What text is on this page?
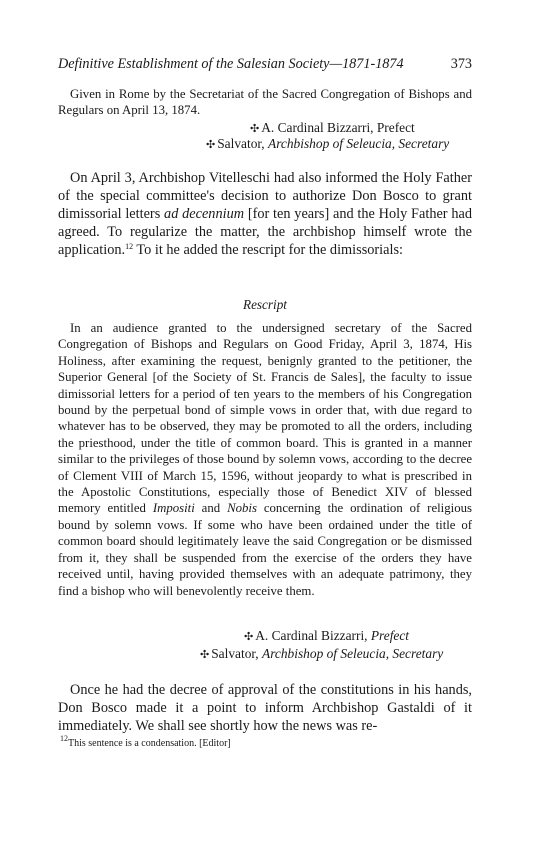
Definitive Establishment of the Salesian Society—1871-1874	373

Given in Rome by the Secretariat of the Sacred Congregation of Bishops and Regulars on April 13, 1874.

✣A. Cardinal Bizzarri, Prefect
✣Salvator, Archbishop of Seleucia, Secretary

On April 3, Archbishop Vitelleschi had also informed the Holy Father of the special committee's decision to authorize Don Bosco to grant dimissorial letters ad decennium [for ten years] and the Holy Father had agreed. To regularize the matter, the archbishop himself wrote the application.$^{12}$ To it he added the rescript for the dimissorials:

Rescript

In an audience granted to the undersigned secretary of the Sacred Congregation of Bishops and Regulars on Good Friday, April 3, 1874, His Holiness, after examining the request, benignly granted to the petitioner, the Superior General [of the Society of St. Francis de Sales], the faculty to issue dimissorial letters for a period of ten years to the members of his Congregation bound by the perpetual bond of simple vows in order that, with due regard to whatever has to be observed, they may be promoted to all the orders, including the priesthood, under the title of common board. This is granted in a manner similar to the privileges of those bound by solemn vows, according to the decree of Clement VIII of March 15, 1596, without jeopardy to what is prescribed in the Apostolic Constitutions, especially those of Benedict XIV of blessed memory entitled Impositi and Nobis concerning the ordination of religious bound by solemn vows. If some who have been ordained under the title of common board should legitimately leave the said Congregation or be dismissed from it, they shall be suspended from the exercise of the orders they have received until, having provided themselves with an adequate patrimony, they find a bishop who will benevolently receive them.

✣A. Cardinal Bizzarri, Prefect
✣Salvator, Archbishop of Seleucia, Secretary

Once he had the decree of approval of the constitutions in his hands, Don Bosco made it a point to inform Archbishop Gastaldi of it immediately. We shall see shortly how the news was re-

$^{12}$This sentence is a condensation. [Editor]
